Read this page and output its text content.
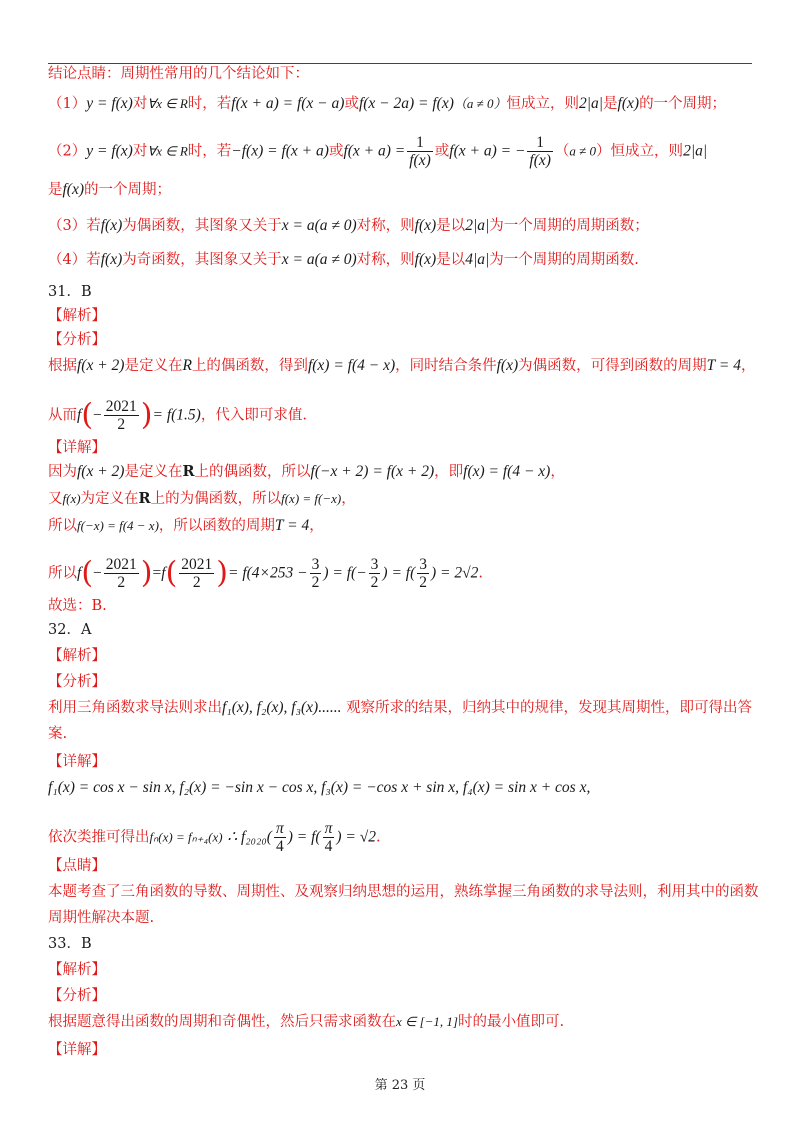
结论点睛：周期性常用的几个结论如下：
（1）y = f(x)对∀x ∈ R时，若f(x + a) = f(x − a)或f(x − 2a) = f(x)（a ≠ 0）恒成立，则2|a|是f(x)的一个周期；
（2）y = f(x)对∀x ∈ R时，若−f(x) = f(x + a)或$f(x + a) = \frac{1}{f(x)}$ 或f(x + a) = − $\frac{1}{f(x)} (a \ne 0)$恒成立，则2|a|
是f(x)的一个周期；
（3）若f(x)为偶函数，其图象又关于x = a(a ≠ 0)对称，则f(x)是以2|a|为一个周期的周期函数；
（4）若f(x)为奇函数，其图象又关于x = a(a ≠ 0)对称，则f(x)是以4|a|为一个周期的周期函数.
31．B
【解析】
【分析】
根据f(x + 2)是定义在R上的偶函数，得到f(x) = f(4 − x)，同时结合条件f(x)为偶函数，可得到函数的周期T = 4，
从而$f(- \frac{2021}{2}$ )= f(1.5)，代入即可求值.
【详解】
因为f(x + 2)是定义在R上的偶函数，所以f(−x + 2) = f(x + 2)，即f(x) = f(4 − x)，
又f(x)为定义在R上的为偶函数，所以f(x) = f(−x)，
所以f(−x) = f(4 − x)，所以函数的周期T = 4，
所以$f(- \frac{2021}{2} )=f( \frac{2021}{2}$ )= $f(4\times 253 - \frac{3}{2}$ ) = $f(- \frac{3}{2}$ ) = $f( \frac{3}{2}$ ) = 2√2.
故选：B.
32．A
【解析】
【分析】
利用三角函数求导法则求出f₁(x), f₂(x), f₃(x)...... 观察所求的结果，归纳其中的规律，发现其周期性，即可得出答
案.
【详解】
f₁(x) = cos x − sin x, f₂(x) = −sin x − cos x, f₃(x) = −cos x + sin x, f₄(x) = sin x + cos x,
依次类推可得出fₙ(x) = fₙ₊₄(x) ∴ $f_{2020}( \frac{\pi}{4}$ ) = $f( \frac{\pi}{4}$ ) = √2.
【点睛】
本题考查了三角函数的导数、周期性、及观察归纳思想的运用，熟练掌握三角函数的求导法则，利用其中的函数
周期性解决本题.
33．B
【解析】
【分析】
根据题意得出函数的周期和奇偶性，然后只需求函数在x ∈ [−1, 1]时的最小值即可.
【详解】
第 23 页
